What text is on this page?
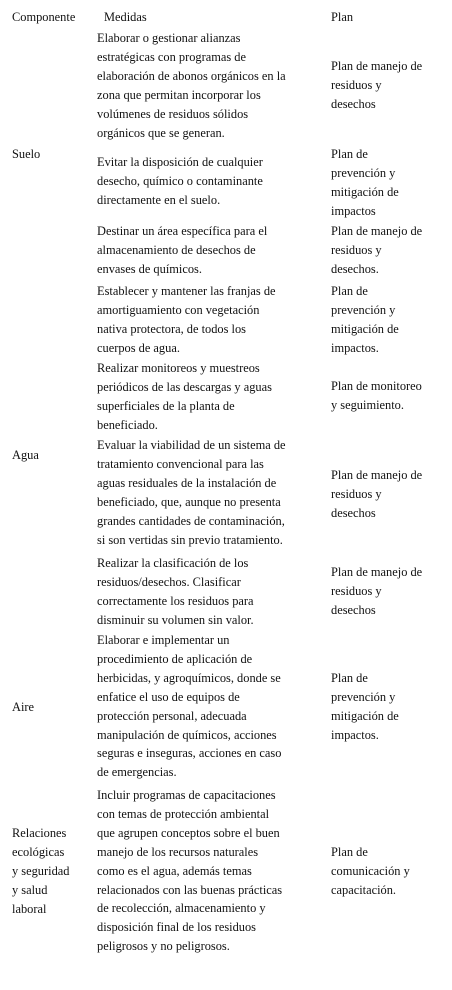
Componente	Medidas	Plan
Suelo
Agua
Aire
Relaciones
ecológicas
y seguridad
y salud
laboral
Elaborar o gestionar alianzas
estratégicas con programas de
elaboración de abonos orgánicos en la
zona que permitan incorporar los
volúmenes de residuos sólidos
orgánicos que se generan.
Plan de manejo de
residuos y
desechos
Evitar la disposición de cualquier
desecho, químico o contaminante
directamente en el suelo.
Plan de
prevención y
mitigación de
impactos
Destinar un área específica para el
almacenamiento de desechos de
envases de químicos.
Plan de manejo de
residuos y
desechos.
Establecer y mantener las franjas de
amortiguamiento con vegetación
nativa protectora, de todos los
cuerpos de agua.
Plan de
prevención y
mitigación de
impactos.
Realizar monitoreos y muestreos
periódicos de las descargas y aguas
superficiales de la planta de
beneficiado.
Plan de monitoreo
y seguimiento.
Evaluar la viabilidad de un sistema de
tratamiento convencional para las
aguas residuales de la instalación de
beneficiado, que, aunque no presenta
grandes cantidades de contaminación,
si son vertidas sin previo tratamiento.
Plan de manejo de
residuos y
desechos
Realizar la clasificación de los
residuos/desechos. Clasificar
correctamente los residuos para
disminuir su volumen sin valor.
Plan de manejo de
residuos y
desechos
Elaborar e implementar un
procedimiento de aplicación de
herbicidas, y agroquímicos, donde se
enfatice el uso de equipos de
protección personal, adecuada
manipulación de químicos, acciones
seguras e inseguras, acciones en caso
de emergencias.
Plan de
prevención y
mitigación de
impactos.
Incluir programas de capacitaciones
con temas de protección ambiental
que agrupen conceptos sobre el buen
manejo de los recursos naturales
como es el agua, además temas
relacionados con las buenas prácticas
de recolección, almacenamiento y
disposición final de los residuos
peligrosos y no peligrosos.
Plan de
comunicación y
capacitación.
